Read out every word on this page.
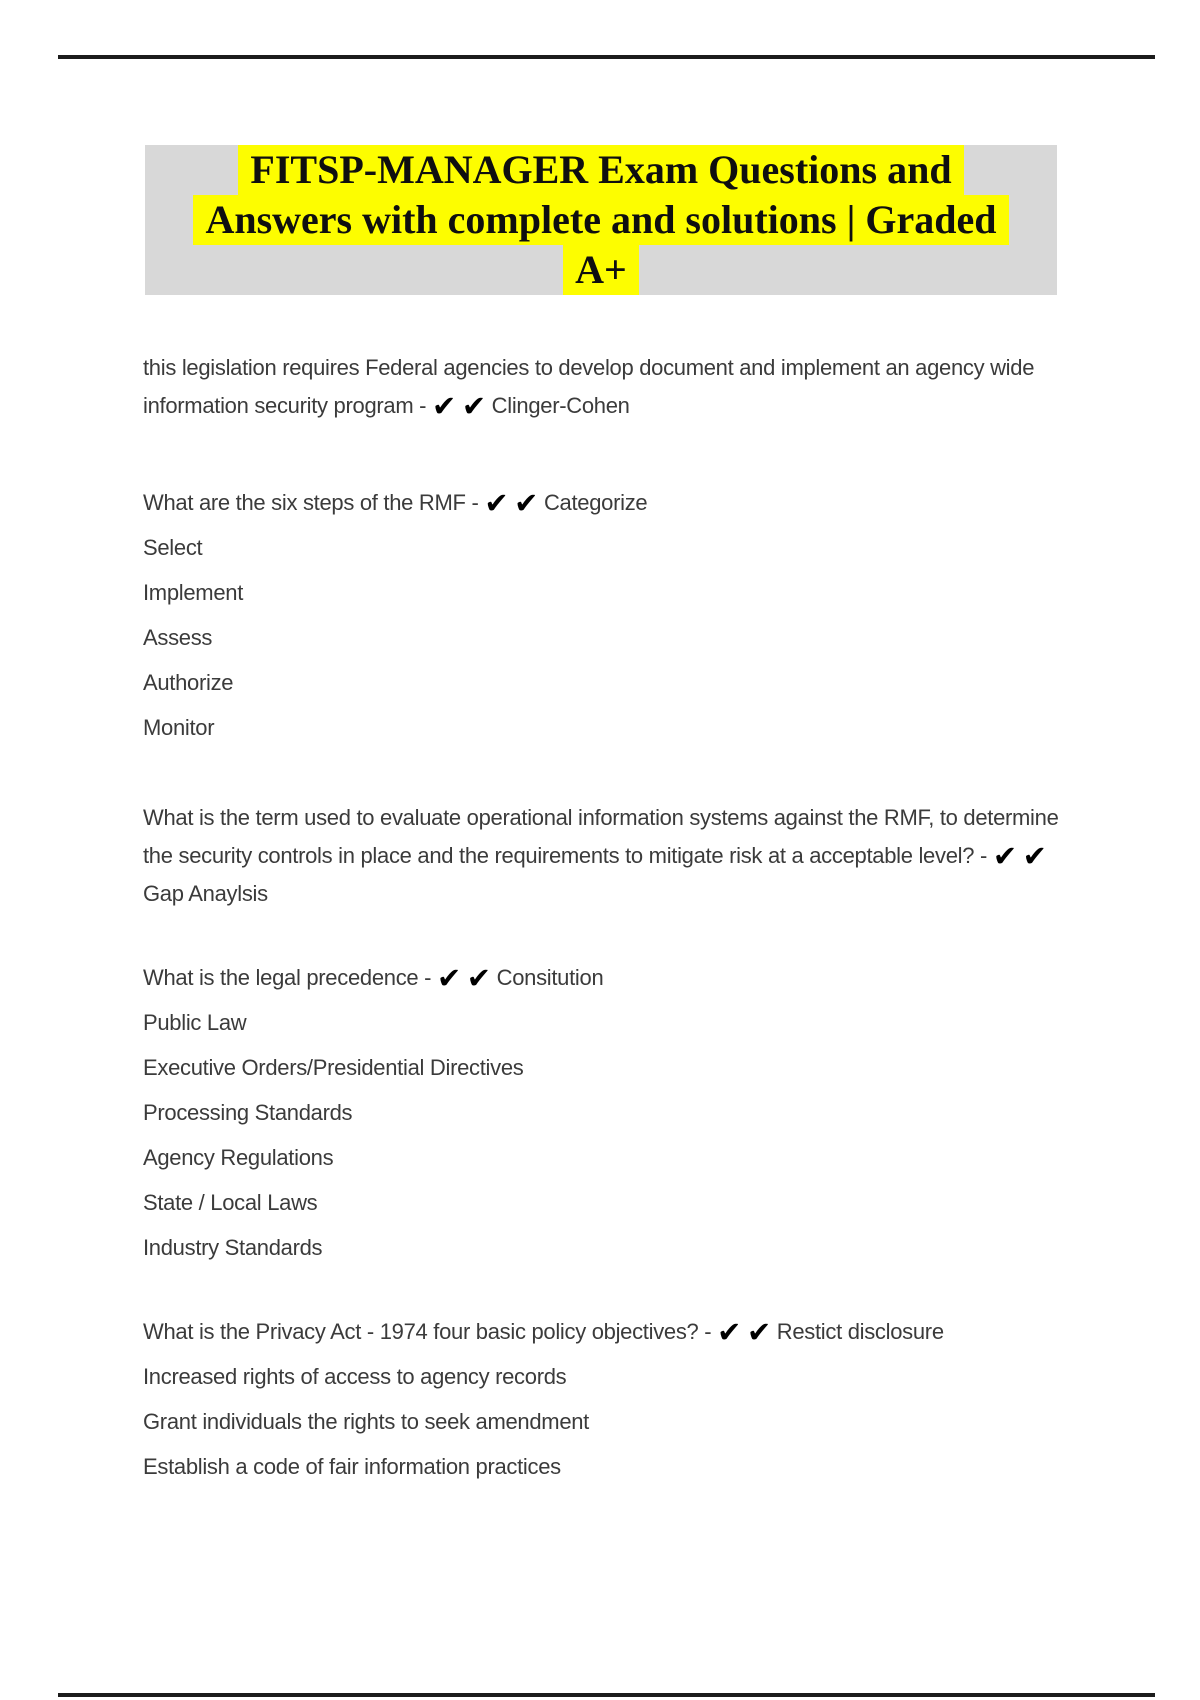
FITSP-MANAGER Exam Questions and
Answers with complete and solutions | Graded
A+
this legislation requires Federal agencies to develop document and implement an agency wide
information security program - ✔ ✔ Clinger-Cohen
What are the six steps of the RMF - ✔ ✔ Categorize
Select
Implement
Assess
Authorize
Monitor
What is the term used to evaluate operational information systems against the RMF, to determine
the security controls in place and the requirements to mitigate risk at a acceptable level? - ✔ ✔
Gap Anaylsis
What is the legal precedence - ✔ ✔ Consitution
Public Law
Executive Orders/Presidential Directives
Processing Standards
Agency Regulations
State / Local Laws
Industry Standards
What is the Privacy Act - 1974 four basic policy objectives? - ✔ ✔ Restict disclosure
Increased rights of access to agency records
Grant individuals the rights to seek amendment
Establish a code of fair information practices
